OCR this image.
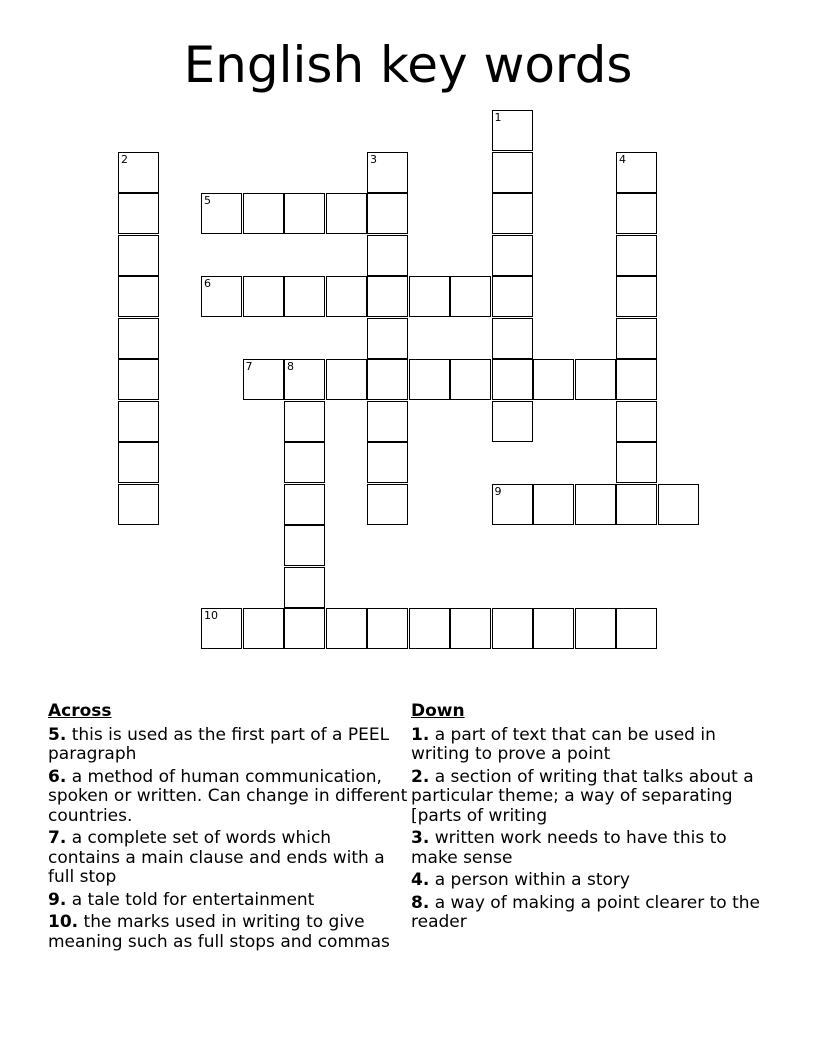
English key words
1
2	3	4
5
6
7	8
9
10
Across
5. this is used as the first part of a PEEL paragraph
6. a method of human communication, spoken or written. Can change in different countries.
7. a complete set of words which contains a main clause and ends with a full stop
9. a tale told for entertainment
10. the marks used in writing to give meaning such as full stops and commas
Down
1. a part of text that can be used in writing to prove a point
2. a section of writing that talks about a particular theme; a way of separating [parts of writing
3. written work needs to have this to make sense
4. a person within a story
8. a way of making a point clearer to the reader
